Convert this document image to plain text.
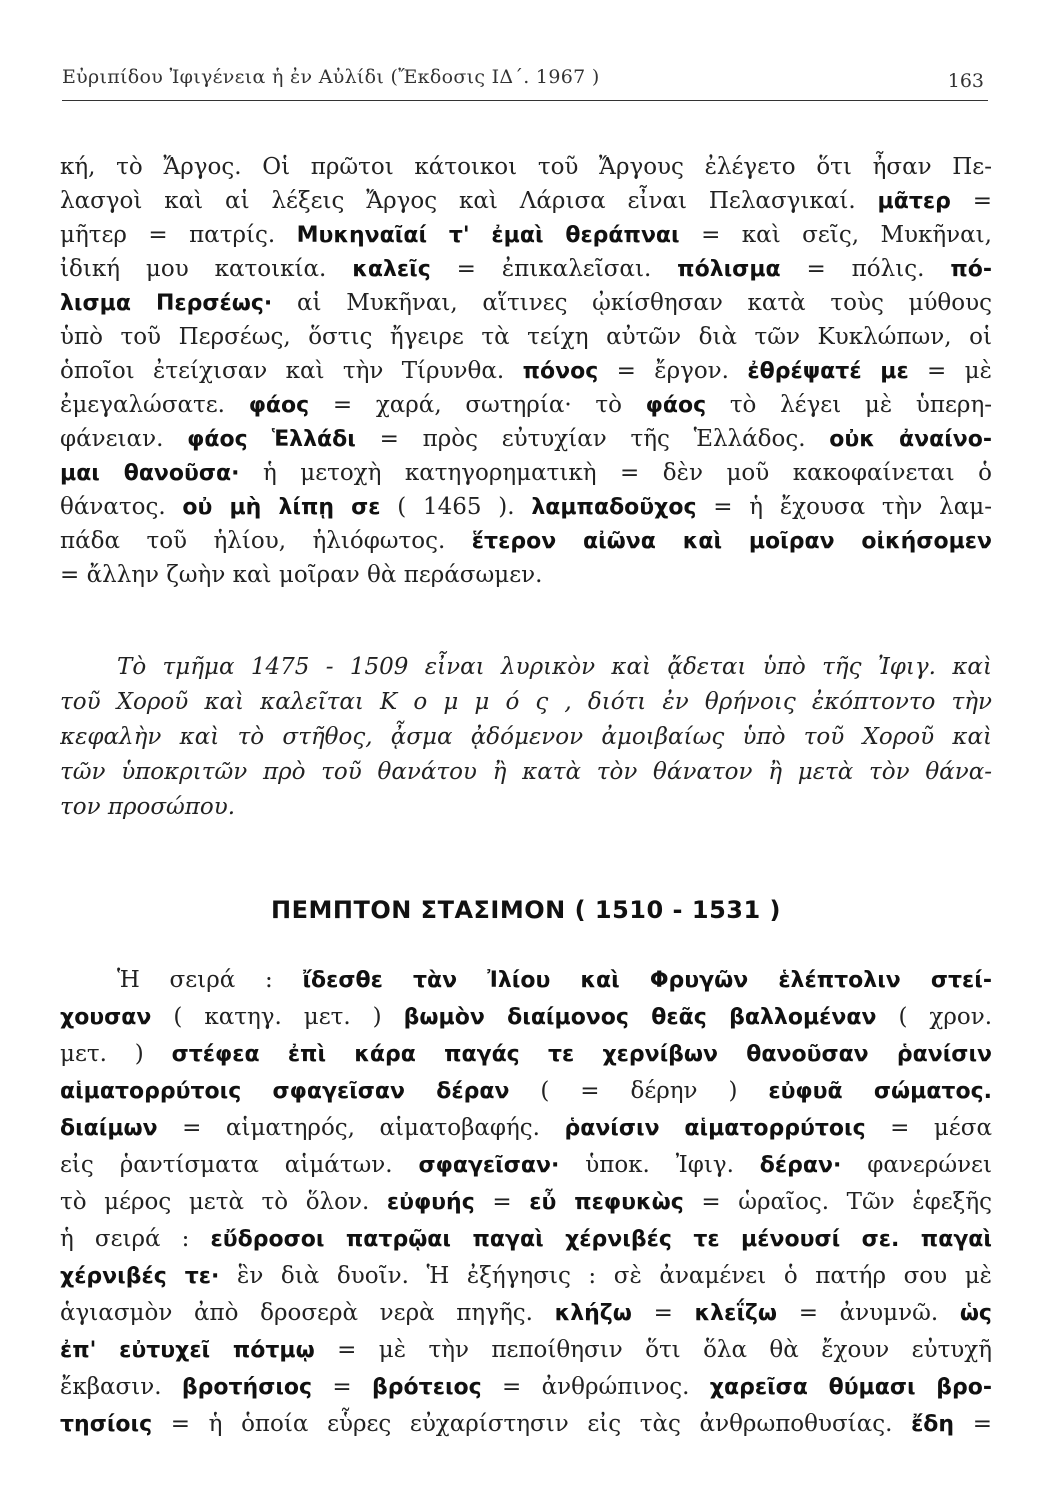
Εὐριπίδου Ἰφιγένεια ἡ ἐν Αὐλίδι (Ἔκδοσις ΙΔ΄. 1967 )	163
κή, τὸ Ἄργος. Οἱ πρῶτοι κάτοικοι τοῦ Ἄργους ἐλέγετο ὅτι ἦσαν Πε-
λασγοὶ καὶ αἱ λέξεις Ἄργος καὶ Λάρισα εἶναι Πελασγικαί. μᾶτερ =
μῆτερ = πατρίς. Μυκηναῖαί τ' ἐμαὶ θεράπναι = καὶ σεῖς, Μυκῆναι,
ἰδική μου κατοικία. καλεῖς = ἐπικαλεῖσαι. πόλισμα = πόλις. πό-
λισμα Περσέως· αἱ Μυκῆναι, αἵτινες ᾠκίσθησαν κατὰ τοὺς μύθους
ὑπὸ τοῦ Περσέως, ὅστις ἤγειρε τὰ τείχη αὐτῶν διὰ τῶν Κυκλώπων, οἱ
ὁποῖοι ἐτείχισαν καὶ τὴν Τίρυνθα. πόνος = ἔργον. ἐθρέψατέ με = μὲ
ἐμεγαλώσατε. φάος = χαρά, σωτηρία· τὸ φάος τὸ λέγει μὲ ὑπερη-
φάνειαν. φάος Ἑλλάδι = πρὸς εὐτυχίαν τῆς Ἑλλάδος. οὐκ ἀναίνο-
μαι θανοῦσα· ἡ μετοχὴ κατηγορηματικὴ = δὲν μοῦ κακοφαίνεται ὁ
θάνατος. οὐ μὴ λίπῃ σε ( 1465 ). λαμπαδοῦχος = ἡ ἔχουσα τὴν λαμ-
πάδα τοῦ ἡλίου, ἡλιόφωτος. ἕτερον αἰῶνα καὶ μοῖραν οἰκήσομεν
= ἄλλην ζωὴν καὶ μοῖραν θὰ περάσωμεν.
Τὸ τμῆμα 1475 - 1509 εἶναι λυρικὸν καὶ ᾄδεται ὑπὸ τῆς Ἰφιγ. καὶ
τοῦ Χοροῦ καὶ καλεῖται Κ ο μ μ ό ς , διότι ἐν θρήνοις ἐκόπτοντο τὴν
κεφαλὴν καὶ τὸ στῆθος, ᾆσμα ᾀδόμενον ἀμοιβαίως ὑπὸ τοῦ Χοροῦ καὶ
τῶν ὑποκριτῶν πρὸ τοῦ θανάτου ἢ κατὰ τὸν θάνατον ἢ μετὰ τὸν θάνα-
τον προσώπου.
ΠΕΜΠΤΟΝ ΣΤΑΣΙΜΟΝ ( 1510 - 1531 )
Ἡ σειρά : ἴδεσθε τὰν Ἰλίου καὶ Φρυγῶν ἑλέπτολιν στεί-
χουσαν ( κατηγ. μετ. ) βωμὸν διαίμονος θεᾶς βαλλομέναν ( χρον.
μετ. ) στέφεα ἐπὶ κάρα παγάς τε χερνίβων θανοῦσαν ῥανίσιν
αἱματορρύτοις σφαγεῖσαν δέραν ( = δέρην ) εὐφυᾶ σώματος.
διαίμων = αἱματηρός, αἱματοβαφής. ῥανίσιν αἱματορρύτοις = μέσα
εἰς ῥαντίσματα αἱμάτων. σφαγεῖσαν· ὑποκ. Ἰφιγ. δέραν· φανερώνει
τὸ μέρος μετὰ τὸ ὅλον. εὐφυής = εὖ πεφυκὼς = ὡραῖος. Τῶν ἑφεξῆς
ἡ σειρά : εὔδροσοι πατρῷαι παγαὶ χέρνιβές τε μένουσί σε. παγαὶ
χέρνιβές τε· ἓν διὰ δυοῖν. Ἡ ἐξήγησις : σὲ ἀναμένει ὁ πατήρ σου μὲ
ἁγιασμὸν ἀπὸ δροσερὰ νερὰ πηγῆς. κλήζω = κλεΐζω = ἀνυμνῶ. ὡς
ἐπ' εὐτυχεῖ πότμῳ = μὲ τὴν πεποίθησιν ὅτι ὅλα θὰ ἔχουν εὐτυχῆ
ἔκβασιν. βροτήσιος = βρότειος = ἀνθρώπινος. χαρεῖσα θύμασι βρο-
τησίοις = ἡ ὁποία εὗρες εὐχαρίστησιν εἰς τὰς ἀνθρωποθυσίας. ἔδη =
